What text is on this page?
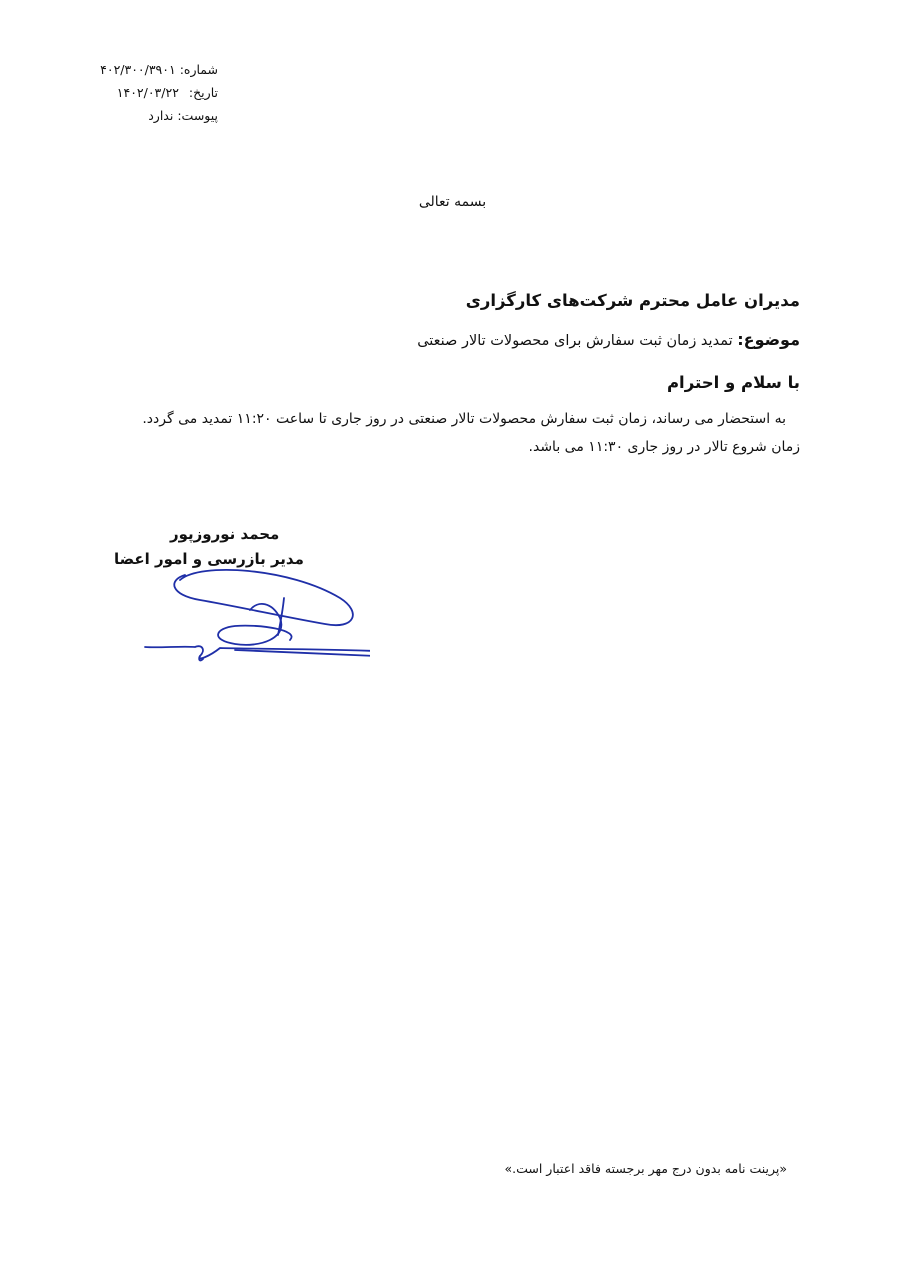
شماره: ۴۰۲/۳۰۰/۳۹۰۱
تاریخ: ۱۴۰۲/۰۳/۲۲
پیوست: ندارد
بسمه تعالی
مدیران عامل محترم شرکت‌های کارگزاری
موضوع: تمدید زمان ثبت سفارش برای محصولات تالار صنعتی
با سلام و احترام
به استحضار می رساند، زمان ثبت سفارش محصولات تالار صنعتی در روز جاری تا ساعت ۱۱:۲۰ تمدید می گردد.
زمان شروع تالار در روز جاری ۱۱:۳۰ می باشد.
محمد نوروزپور
مدیر بازرسی و امور اعضا
«پرینت نامه بدون درج مهر برجسته فاقد اعتبار است.»
